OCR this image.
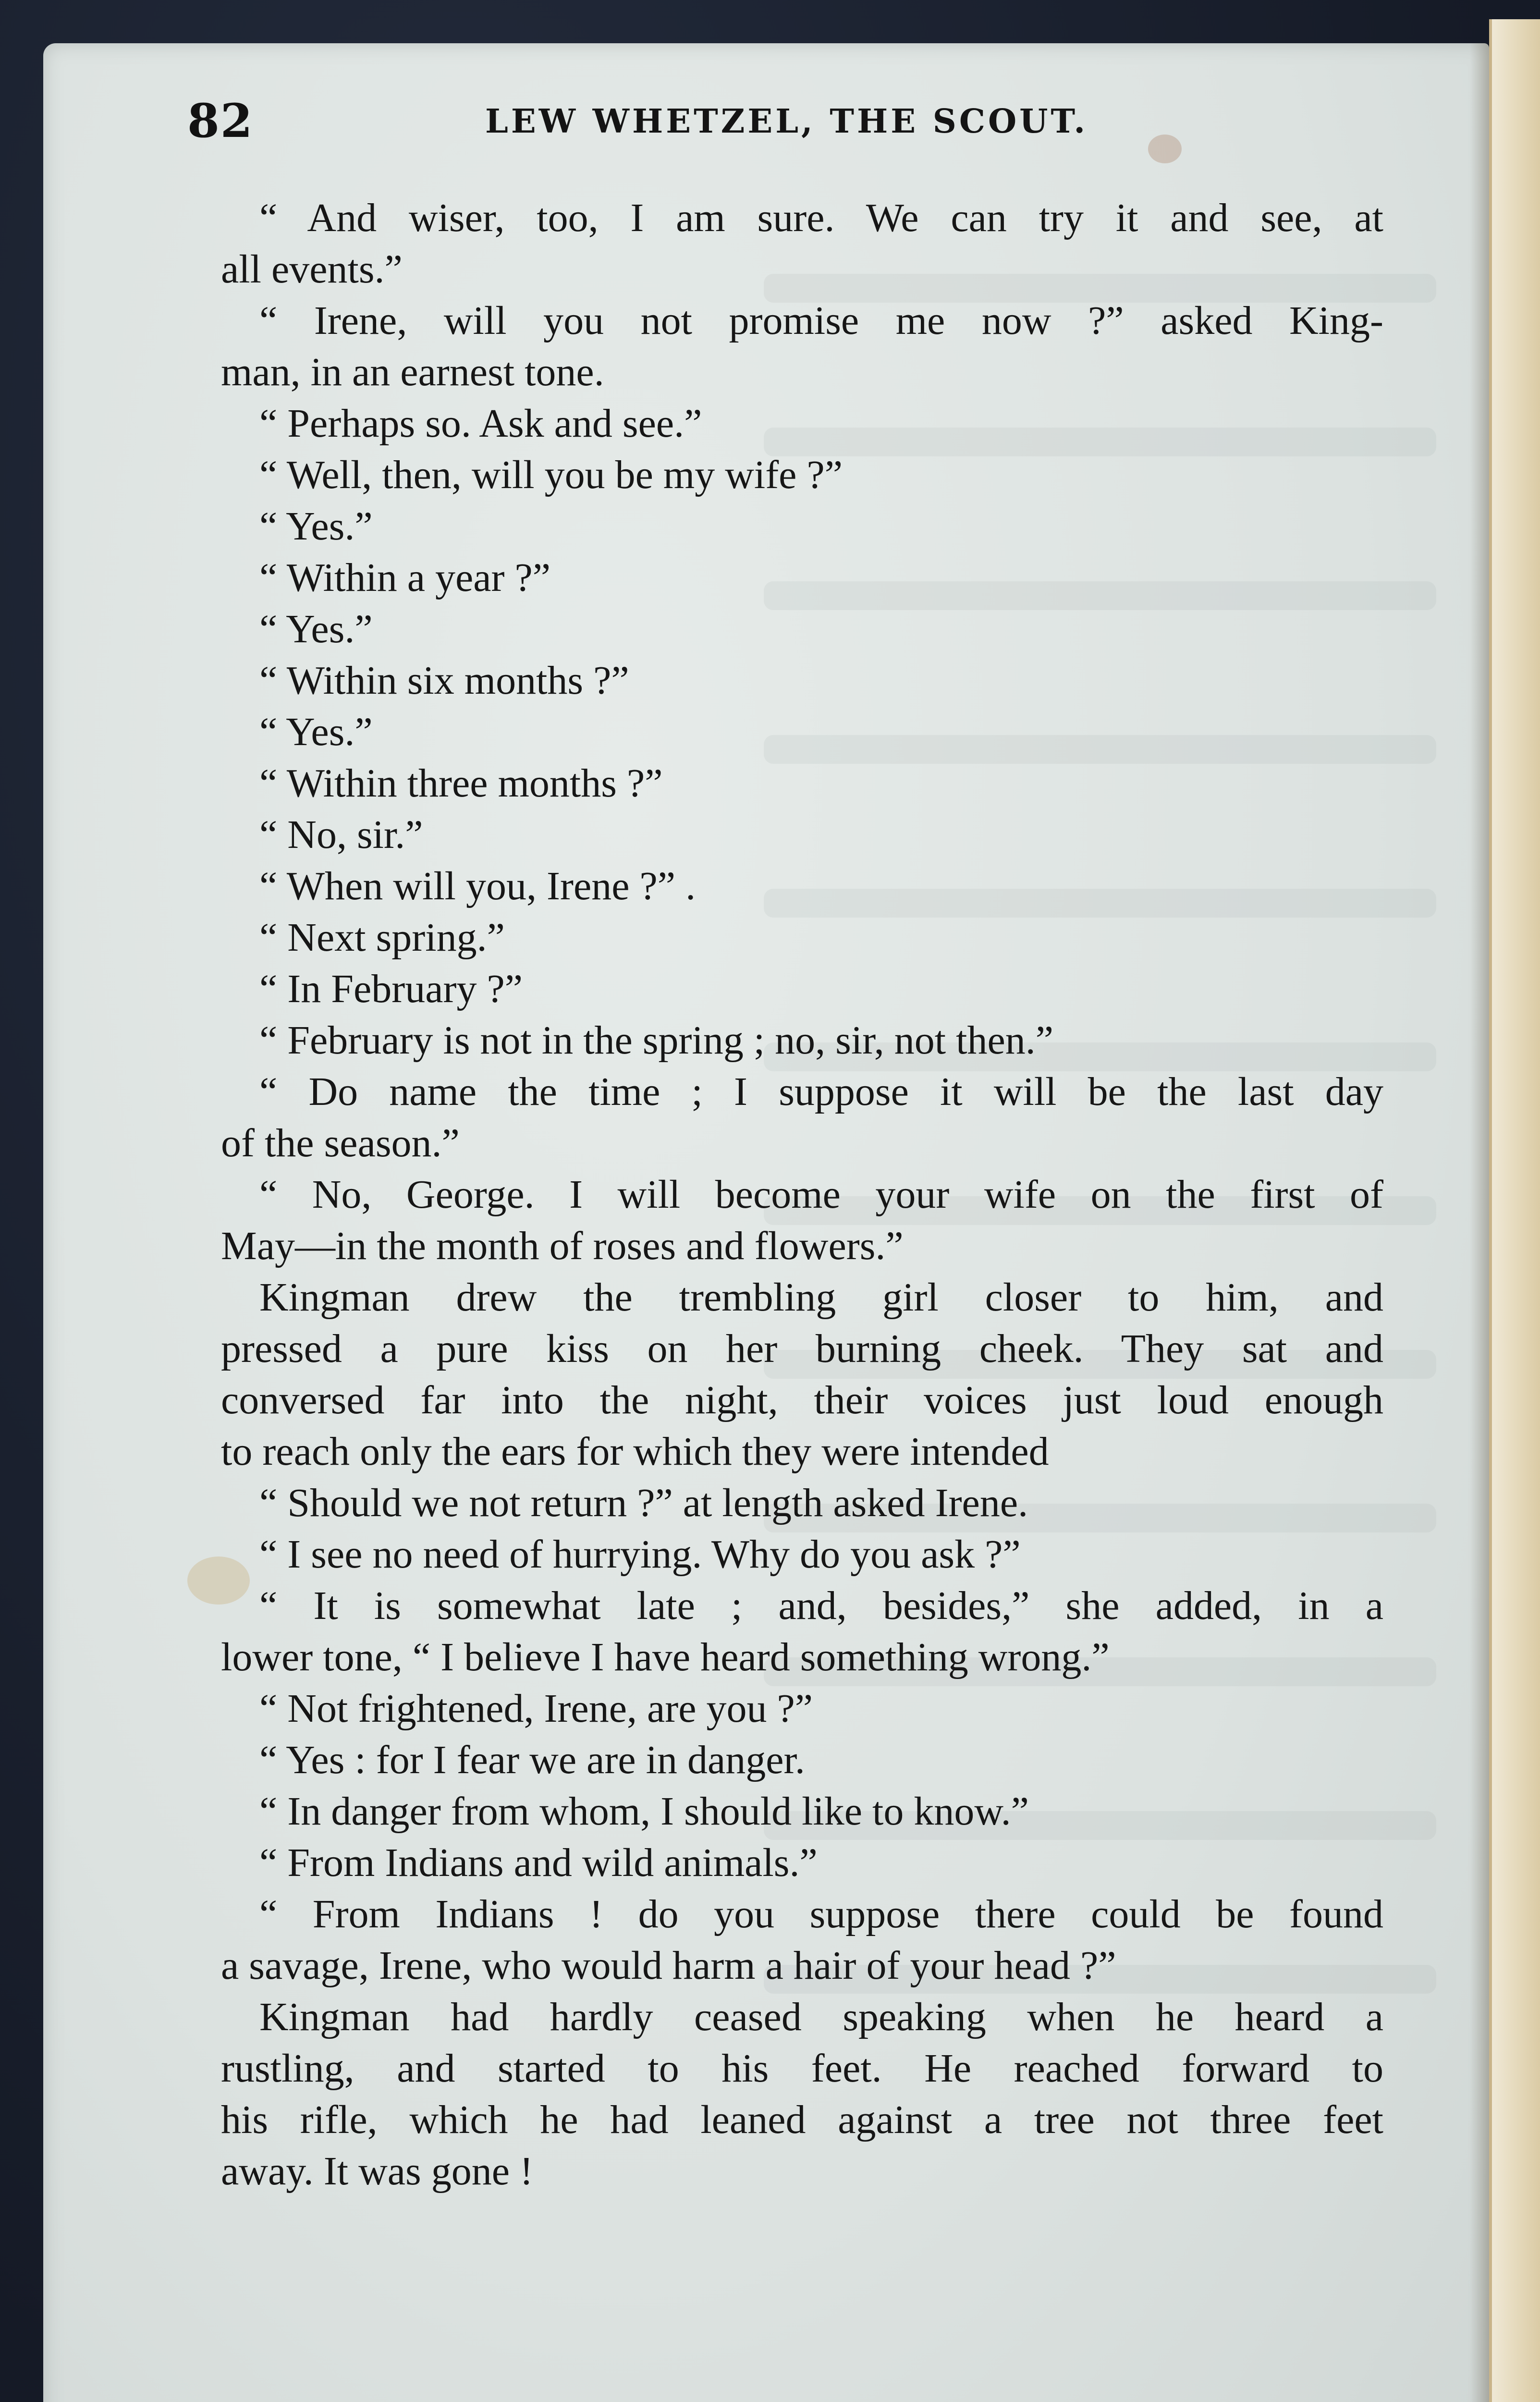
82	LEW WHETZEL, THE SCOUT.
“ And wiser, too, I am sure. We can try it and see, at
all events.”
“ Irene, will you not promise me now ?” asked King-
man, in an earnest tone.
“ Perhaps so. Ask and see.”
“ Well, then, will you be my wife ?”
“ Yes.”
“ Within a year ?”
“ Yes.”
“ Within six months ?”
“ Yes.”
“ Within three months ?”
“ No, sir.”
“ When will you, Irene ?” .
“ Next spring.”
“ In February ?”
“ February is not in the spring ; no, sir, not then.”
“ Do name the time ; I suppose it will be the last day
of the season.”
“ No, George. I will become your wife on the first of
May—in the month of roses and flowers.”
Kingman drew the trembling girl closer to him, and
pressed a pure kiss on her burning cheek. They sat and
conversed far into the night, their voices just loud enough
to reach only the ears for which they were intended
“ Should we not return ?” at length asked Irene.
“ I see no need of hurrying. Why do you ask ?”
“ It is somewhat late ; and, besides,” she added, in a
lower tone, “ I believe I have heard something wrong.”
“ Not frightened, Irene, are you ?”
“ Yes : for I fear we are in danger.
“ In danger from whom, I should like to know.”
“ From Indians and wild animals.”
“ From Indians ! do you suppose there could be found
a savage, Irene, who would harm a hair of your head ?”
Kingman had hardly ceased speaking when he heard a
rustling, and started to his feet. He reached forward to
his rifle, which he had leaned against a tree not three feet
away. It was gone !
